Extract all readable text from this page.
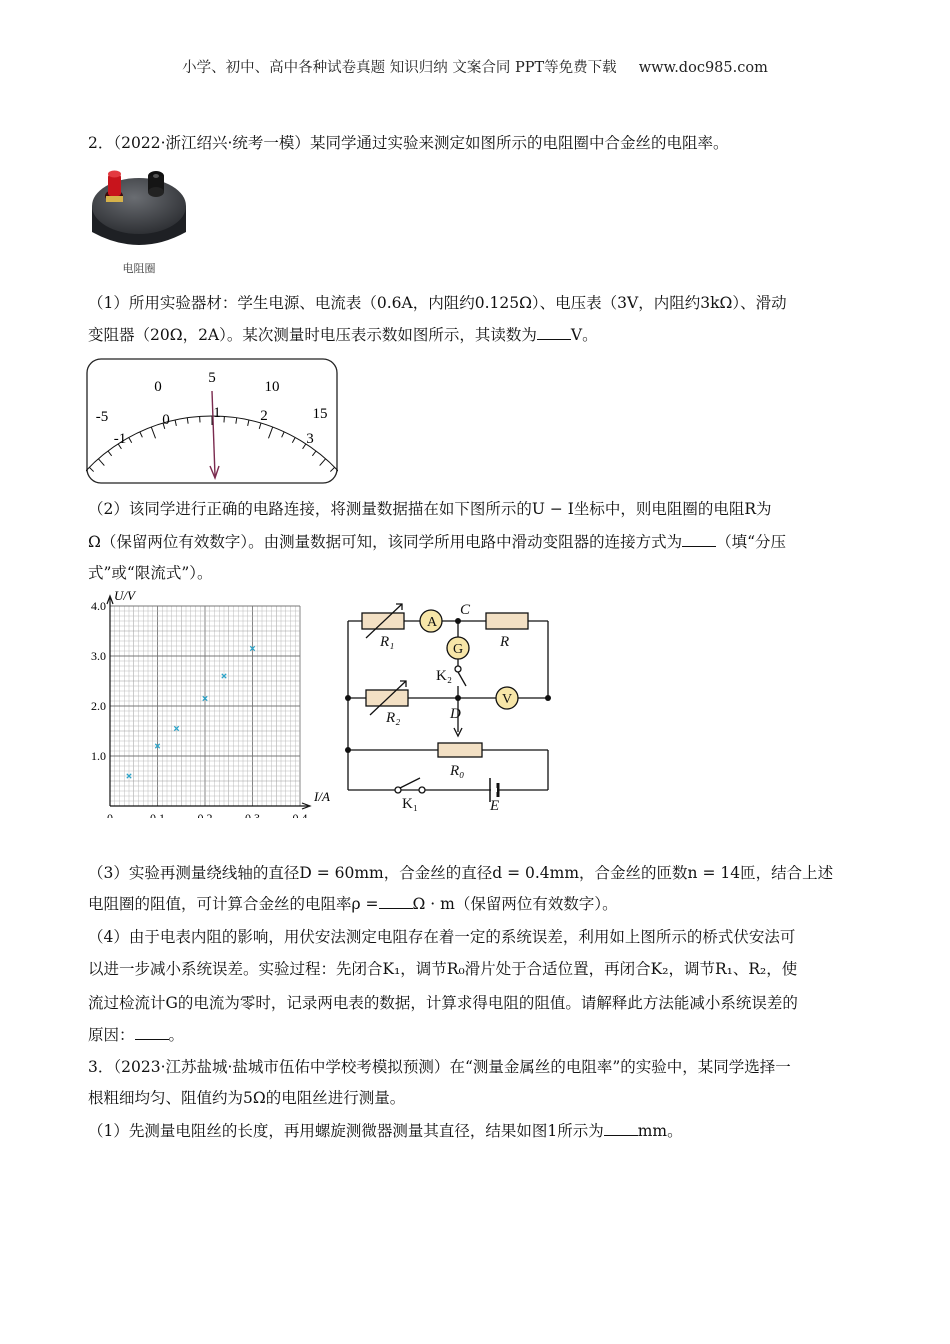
小学、初中、高中各种试卷真题 知识归纳 文案合同 PPT等免费下载 www.doc985.com
2．（2022·浙江绍兴·统考一模）某同学通过实验来测定如图所示的电阻圈中合金丝的电阻率。
电阻圈
（1）所用实验器材：学生电源、电流表（0.6A，内阻约0.125Ω）、电压表（3V，内阻约3kΩ）、滑动
变阻器（20Ω，2A）。某次测量时电压表示数如图所示，其读数为 V。
-5
0
5
10
15
-1
0	1	2
3
（2）该同学进行正确的电路连接，将测量数据描在如下图所示的U − I坐标中，则电阻圈的电阻R为
Ω（保留两位有效数字）。由测量数据可知，该同学所用电路中滑动变阻器的连接方式为 （填“分压
式”或“限流式”）。
U/V
I/A
1.0
2.0
3.0
4.0
0	0.1	0.2	0.3	0.4
A
G
V
C
D
R₁	R
R₂
R₀
K₂
K₁	E
（3）实验再测量绕线轴的直径D = 60mm，合金丝的直径d = 0.4mm，合金丝的匝数n = 14匝，结合上述
电阻圈的阻值，可计算合金丝的电阻率ρ = Ω · m（保留两位有效数字）。
（4）由于电表内阻的影响，用伏安法测定电阻存在着一定的系统误差，利用如上图所示的桥式伏安法可
以进一步减小系统误差。实验过程：先闭合K₁，调节R₀滑片处于合适位置，再闭合K₂，调节R₁、R₂，使
流过检流计G的电流为零时，记录两电表的数据，计算求得电阻的阻值。请解释此方法能减小系统误差的
原因： 。
3．（2023·江苏盐城·盐城市伍佑中学校考模拟预测）在“测量金属丝的电阻率”的实验中，某同学选择一
根粗细均匀、阻值约为5Ω的电阻丝进行测量。
（1）先测量电阻丝的长度，再用螺旋测微器测量其直径，结果如图1所示为 mm。
